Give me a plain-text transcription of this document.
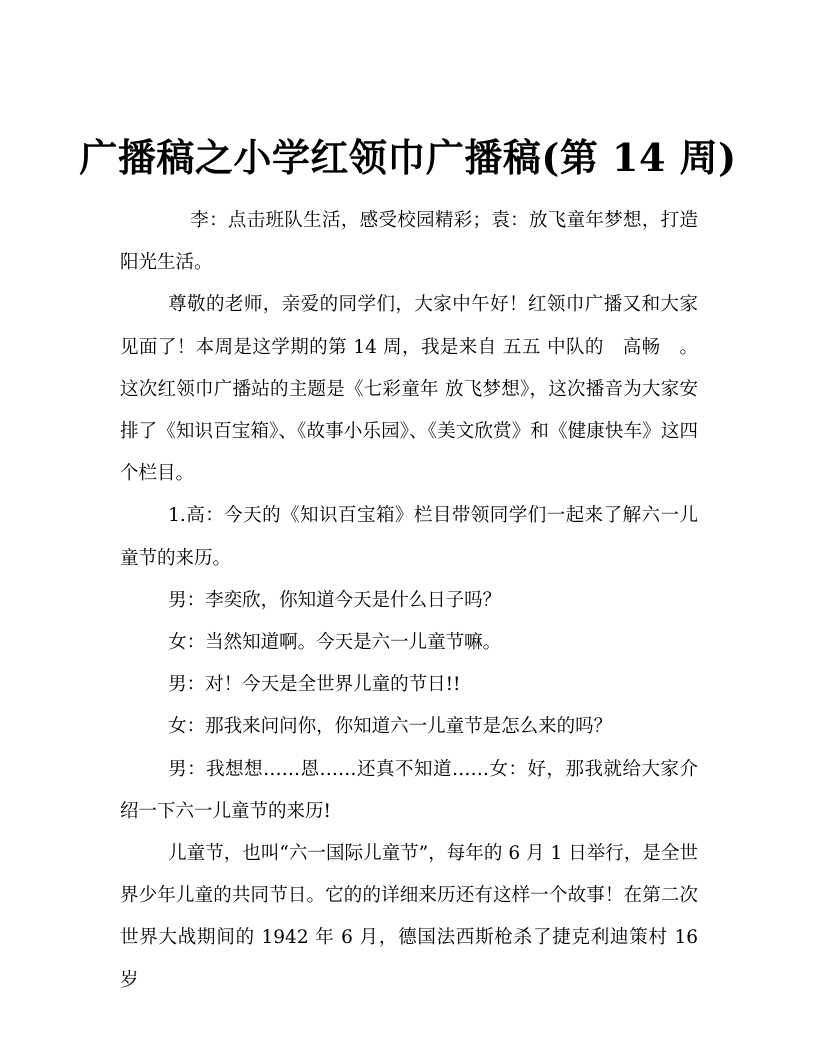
广播稿之小学红领巾广播稿(第 14 周)

李：点击班队生活，感受校园精彩；袁：放飞童年梦想，打造阳光生活。

尊敬的老师，亲爱的同学们，大家中午好！红领巾广播又和大家见面了！本周是这学期的第 14 周，我是来自 五五 中队的　高畅　。这次红领巾广播站的主题是《七彩童年 放飞梦想》，这次播音为大家安排了《知识百宝箱》、《故事小乐园》、《美文欣赏》和《健康快车》这四个栏目。

1.高：今天的《知识百宝箱》栏目带领同学们一起来了解六一儿童节的来历。

男：李奕欣，你知道今天是什么日子吗？

女：当然知道啊。今天是六一儿童节嘛。

男：对！今天是全世界儿童的节日!!

女：那我来问问你，你知道六一儿童节是怎么来的吗？

男：我想想……恩……还真不知道……女：好，那我就给大家介绍一下六一儿童节的来历!

儿童节，也叫“六一国际儿童节”，每年的 6 月 1 日举行，是全世界少年儿童的共同节日。它的的详细来历还有这样一个故事！在第二次世界大战期间的 1942 年 6 月，德国法西斯枪杀了捷克利迪策村 16 岁
